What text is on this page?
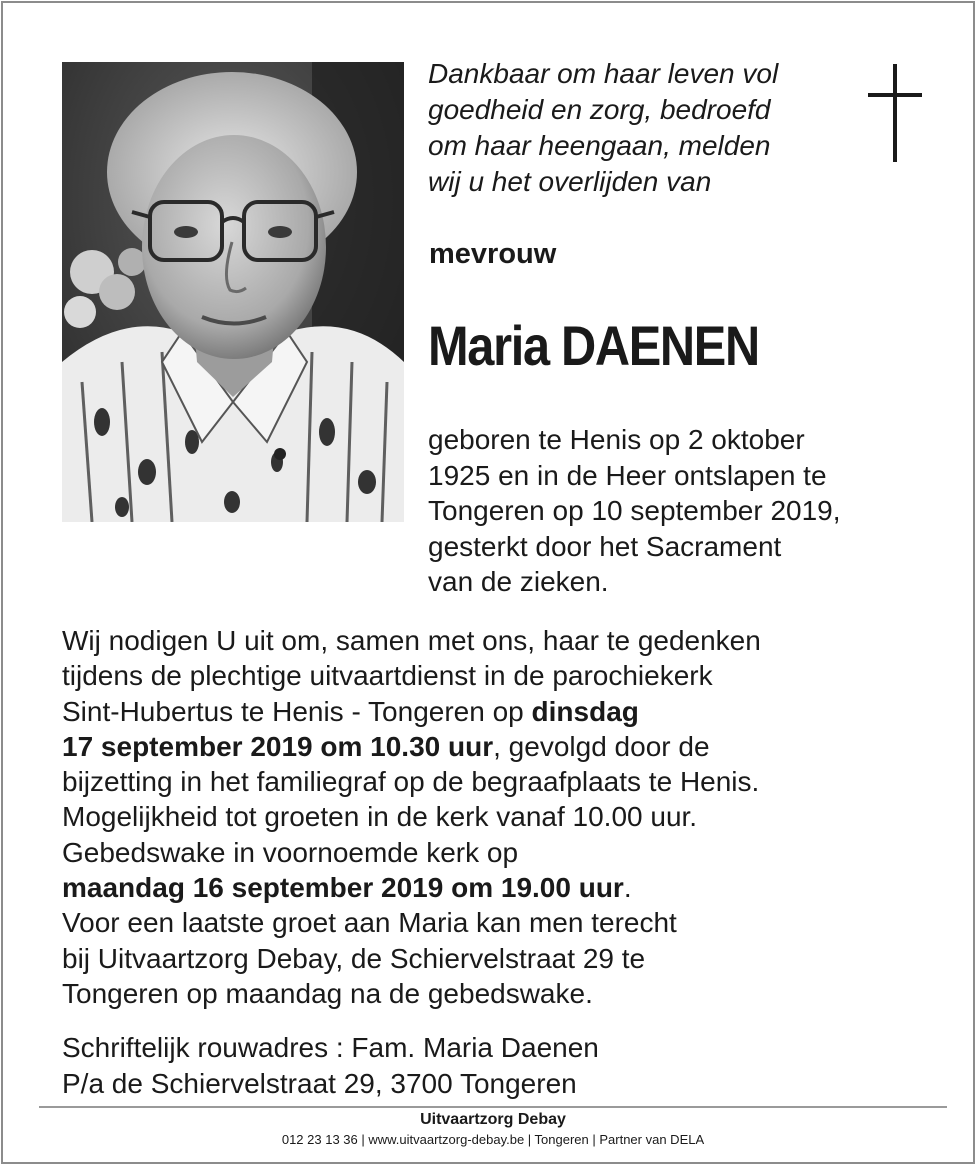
Dankbaar om haar leven vol
goedheid en zorg, bedroefd
om haar heengaan, melden
wij u het overlijden van

mevrouw
Maria DAENEN

geboren te Henis op 2 oktober
1925 en in de Heer ontslapen te
Tongeren op 10 september 2019,
gesterkt door het Sacrament
van de zieken.

Wij nodigen U uit om, samen met ons, haar te gedenken
tijdens de plechtige uitvaartdienst in de parochiekerk
Sint-Hubertus te Henis - Tongeren op dinsdag
17 september 2019 om 10.30 uur, gevolgd door de
bijzetting in het familiegraf op de begraafplaats te Henis.
Mogelijkheid tot groeten in de kerk vanaf 10.00 uur.
Gebedswake in voornoemde kerk op
maandag 16 september 2019 om 19.00 uur.
Voor een laatste groet aan Maria kan men terecht
bij Uitvaartzorg Debay, de Schiervelstraat 29 te
Tongeren op maandag na de gebedswake.
Schriftelijk rouwadres : Fam. Maria Daenen
P/a de Schiervelstraat 29, 3700 Tongeren
Uitvaartzorg Debay
012 23 13 36 | www.uitvaartzorg-debay.be | Tongeren | Partner van DELA
